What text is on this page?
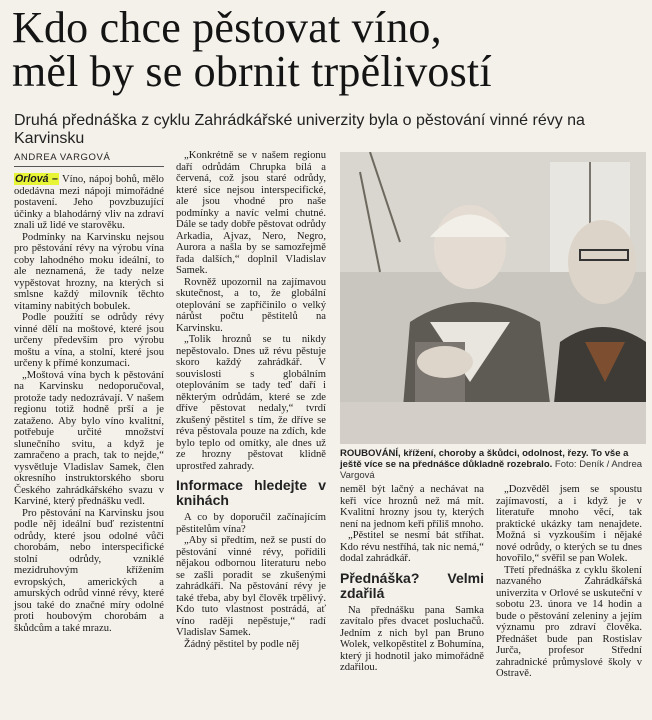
Kdo chce pěstovat víno,
měl by se obrnit trpělivostí

Druhá přednáška z cyklu Zahrádkářské univerzity byla o pěstování vinné révy na Karvinsku

ANDREA VARGOVÁ

Orlová – Víno, nápoj bohů, mělo odedávna mezi nápoji mimořádné postavení. Jeho povzbuzující účinky a blahodárný vliv na zdraví znali už lidé ve starověku.

Podmínky na Karvinsku nejsou pro pěstování révy na výrobu vína coby lahodného moku ideální, to ale neznamená, že tady nelze vypěstovat hrozny, na kterých si smlsne každý milovník těchto vitaminy nabitých bobulek.

Podle použití se odrůdy révy vinné dělí na moštové, které jsou určeny především pro výrobu moštu a vína, a stolní, které jsou určeny k přímé konzumaci.

„Moštová vína bych k pěstování na Karvinsku nedoporučoval, protože tady nedozrávají. V našem regionu totiž hodně prší a je zataženo. Aby bylo víno kvalitní, potřebuje určité množství slunečního svitu, a když je zamračeno a prach, tak to nejde,“ vysvětluje Vladislav Samek, člen okresního instruktorského sboru Českého zahrádkářského svazu v Karviné, který přednášku vedl.

Pro pěstování na Karvinsku jsou podle něj ideální buď rezistentní odrůdy, které jsou odolné vůči chorobám, nebo interspecifické stolní odrůdy, vzniklé mezidruhovým křížením evropských, amerických a amurských odrůd vinné révy, které jsou také do značné míry odolné proti houbovým chorobám a škůdcům a také mrazu.

„Konkrétně se v našem regionu daří odrůdám Chrupka bílá a červená, což jsou staré odrůdy, které sice nejsou interspecifické, ale jsou vhodné pro naše podmínky a navíc velmi chutné. Dále se tady dobře pěstovat odrůdy Arkadia, Ajvaz, Nero, Negro, Aurora a našla by se samozřejmě řada dalších,“ doplnil Vladislav Samek.

Rovněž upozornil na zajímavou skutečnost, a to, že globální oteplování se zapříčinilo o velký nárůst počtu pěstitelů na Karvinsku.

„Tolik hroznů se tu nikdy nepěstovalo. Dnes už révu pěstuje skoro každý zahrádkář. V souvislosti s globálním oteplováním se tady teď daří i některým odrůdám, které se zde dříve pěstovat nedaly,“ tvrdí zkušený pěstitel s tím, že dříve se réva pěstovala pouze na zdích, kde bylo teplo od omítky, ale dnes už ze hrozny pěstovat klidně uprostřed zahrady.

Informace hledejte v knihách

A co by doporučil začínajícím pěstitelům vína?

„Aby si předtím, než se pustí do pěstování vinné révy, pořídili nějakou odbornou literaturu nebo se zašli poradit se zkušenými zahrádkáři. Na pěstování révy je také třeba, aby byl člověk trpělivý. Kdo tuto vlastnost postrádá, ať víno raději nepěstuje,“ radí Vladislav Samek.

Žádný pěstitel by podle něj

ROUBOVÁNÍ, křížení, choroby a škůdci, odolnost, řezy. To vše a ještě více se na přednášce důkladně rozebralo. Foto: Deník / Andrea Vargová

neměl být lačný a nechávat na keři více hroznů než má mít. Kvalitní hrozny jsou ty, kterých není na jednom keři příliš mnoho.

„Pěstitel se nesmí bát stříhat. Kdo révu nestříhá, tak nic nemá,“ dodal zahrádkář.

Přednáška? Velmi zdařilá

Na přednášku pana Samka zavítalo přes dvacet posluchačů. Jedním z nich byl pan Bruno Wolek, velkopěstitel z Bohumína, který ji hodnotil jako mimořádně zdařilou.

„Dozvěděl jsem se spoustu zajímavostí, a i když je v literatuře mnoho věcí, tak praktické ukázky tam nenajdete. Možná si vyzkouším i nějaké nové odrůdy, o kterých se tu dnes hovořilo,“ svěřil se pan Wolek.

Třetí přednáška z cyklu školení nazvaného Zahrádkářská univerzita v Orlové se uskuteční v sobotu 23. února ve 14 hodin a bude o pěstování zeleniny a jejím významu pro zdraví člověka. Přednášet bude pan Rostislav Jurča, profesor Střední zahradnické průmyslové školy v Ostravě.
